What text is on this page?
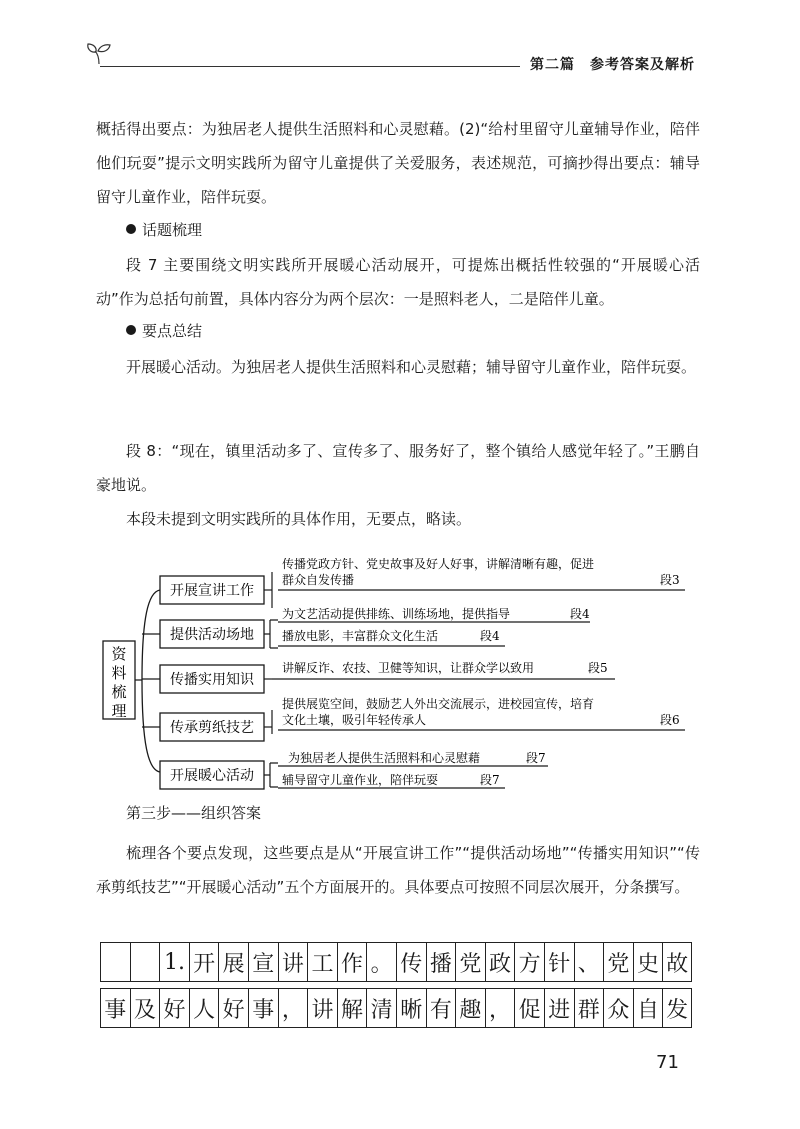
第二篇　参考答案及解析
概括得出要点：为独居老人提供生活照料和心灵慰藉。(2)“给村里留守儿童辅导作业，陪伴他们玩耍”提示文明实践所为留守儿童提供了关爱服务，表述规范，可摘抄得出要点：辅导留守儿童作业，陪伴玩耍。
话题梳理
段 7 主要围绕文明实践所开展暖心活动展开，可提炼出概括性较强的“开展暖心活动”作为总括句前置，具体内容分为两个层次：一是照料老人，二是陪伴儿童。
要点总结
开展暖心活动。为独居老人提供生活照料和心灵慰藉；辅导留守儿童作业，陪伴玩耍。
段 8：“现在，镇里活动多了、宣传多了、服务好了，整个镇给人感觉年轻了。”王鹏自豪地说。
本段未提到文明实践所的具体作用，无要点，略读。
资
料
梳
理
开展宣讲工作
传播党政方针、党史故事及好人好事，讲解清晰有趣，促进
群众自发传播	段3
提供活动场地
为文艺活动提供排练、训练场地，提供指导	段4
播放电影，丰富群众文化生活	段4
传播实用知识
讲解反诈、农技、卫健等知识，让群众学以致用	段5
传承剪纸技艺
提供展览空间，鼓励艺人外出交流展示，进校园宣传，培育
文化土壤，吸引年轻传承人	段6
开展暖心活动
为独居老人提供生活照料和心灵慰藉	段7
辅导留守儿童作业，陪伴玩耍	段7
第三步——组织答案
梳理各个要点发现，这些要点是从“开展宣讲工作”“提供活动场地”“传播实用知识”“传承剪纸技艺”“开展暖心活动”五个方面展开的。具体要点可按照不同层次展开，分条撰写。
1. 开 展 宣 讲 工 作 。 传 播 党 政 方 针 、 党 史 故
事 及 好 人 好 事 ， 讲 解 清 晰 有 趣 ， 促 进 群 众 自 发
71
